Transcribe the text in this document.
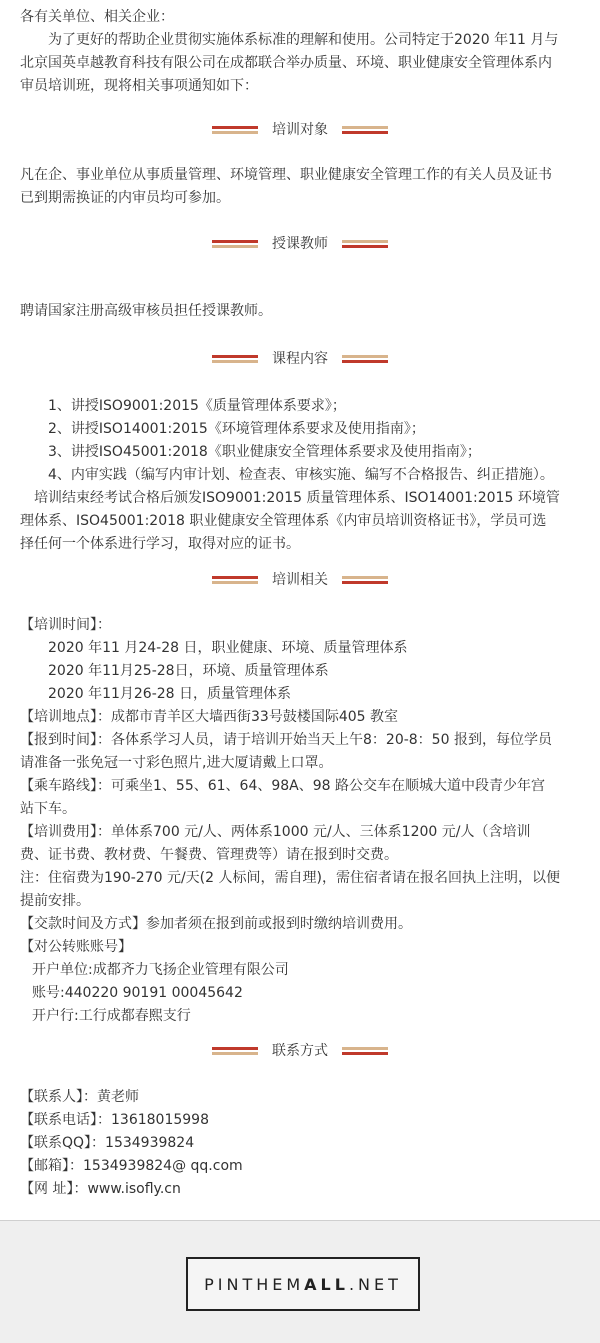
各有关单位、相关企业：
为了更好的帮助企业贯彻实施体系标准的理解和使用。公司特定于2020 年11 月与
北京国英卓越教育科技有限公司在成都联合举办质量、环境、职业健康安全管理体系内
审员培训班，现将相关事项通知如下：
培训对象
凡在企、事业单位从事质量管理、环境管理、职业健康安全管理工作的有关人员及证书
已到期需换证的内审员均可参加。
授课教师
聘请国家注册高级审核员担任授课教师。
课程内容
1、讲授ISO9001:2015《质量管理体系要求》；
2、讲授ISO14001:2015《环境管理体系要求及使用指南》；
3、讲授ISO45001:2018《职业健康安全管理体系要求及使用指南》；
4、内审实践（编写内审计划、检查表、审核实施、编写不合格报告、纠正措施）。
培训结束经考试合格后颁发ISO9001:2015 质量管理体系、ISO14001:2015 环境管
理体系、ISO45001:2018 职业健康安全管理体系《内审员培训资格证书》，学员可选
择任何一个体系进行学习，取得对应的证书。
培训相关
【培训时间】：
2020 年11 月24-28 日，职业健康、环境、质量管理体系
2020 年11月25-28日，环境、质量管理体系
2020 年11月26-28 日，质量管理体系
【培训地点】：成都市青羊区大墙西街33号鼓楼国际405 教室
【报到时间】：各体系学习人员，请于培训开始当天上午8：20-8：50 报到，每位学员
请准备一张免冠一寸彩色照片,进大厦请戴上口罩。
【乘车路线】：可乘坐1、55、61、64、98A、98 路公交车在顺城大道中段青少年宫
站下车。
【培训费用】：单体系700 元/人、两体系1000 元/人、三体系1200 元/人（含培训
费、证书费、教材费、午餐费、管理费等）请在报到时交费。
注：住宿费为190-270 元/天(2 人标间，需自理)，需住宿者请在报名回执上注明，以便
提前安排。
【交款时间及方式】参加者须在报到前或报到时缴纳培训费用。
【对公转账账号】
开户单位:成都齐力飞扬企业管理有限公司
账号:440220 90191 00045642
开户行:工行成都春熙支行
联系方式
【联系人】：黄老师
【联系电话】：13618015998
【联系QQ】：1534939824
【邮箱】：1534939824@ qq.com
【网 址】：www.isofly.cn
PINTHEMALL.NET
